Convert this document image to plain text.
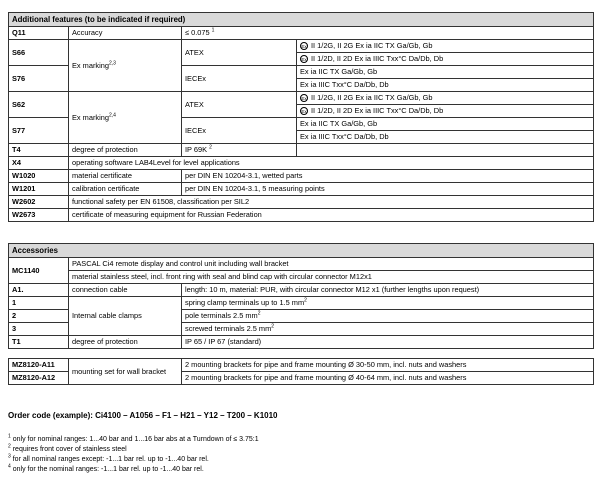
Additional features (to be indicated if required)			
Q11	Accuracy	≤ 0.075 $^1$
S66	Ex marking$^{2,3}$	ATEX	Ex II 1/2G, II 2G Ex ia IIC TX Ga/Gb, Gb
			Ex II 1/2D, II 2D Ex ia IIIC Txx°C Da/Db, Db
S76		IECEx	Ex ia IIC TX Ga/Gb, Gb
			Ex ia IIIC Txx°C Da/Db, Db
S62	Ex marking$^{2,4}$	ATEX	Ex II 1/2G, II 2G Ex ia IIC TX Ga/Gb, Gb
			Ex II 1/2D, II 2D Ex ia IIIC Txx°C Da/Db, Db
S77		IECEx	Ex ia IIC TX Ga/Gb, Gb
			Ex ia IIIC Txx°C Da/Db, Db
T4	degree of protection	IP 69K $^2$	
X4	operating software LAB4Level for level applications		
W1020	material certificate	per DIN EN 10204-3.1, wetted parts	
W1201	calibration certificate	per DIN EN 10204-3.1, 5 measuring points	
W2602	functional safety per EN 61508, classification per SIL2		
W2673	certificate of measuring equipment for Russian Federation		
Accessories		
MC1140	PASCAL Ci4 remote display and control unit including wall bracket	
	material stainless steel, incl. front ring with seal and blind cap with circular connector M12x1	
A1.	connection cable	length: 10 m, material: PUR, with circular connector M12 x1 (further lengths upon request)
1	Internal cable clamps	spring clamp terminals up to 1.5 $mm^2$
2		pole terminals 2.5 $mm^2$
3		screwed terminals 2.5 $mm^2$
T1	degree of protection	IP 65 / IP 67 (standard)
MZ8120-A11	mounting set for wall bracket	2 mounting brackets for pipe and frame mounting Ø 30-50 mm, incl. nuts and washers
MZ8120-A12		2 mounting brackets for pipe and frame mounting Ø 40-64 mm, incl. nuts and washers
Order code (example): Ci4100 – A1056 – F1 – H21 – Y12 – T200 – K1010
$^1$ only for nominal ranges: 1...40 bar and 1...16 bar abs at a Turndown of ≤ 3.75:1
$^2$ requires front cover of stainless steel
$^3$ for all nominal ranges except: -1...1 bar rel. up to -1...40 bar rel.
$^4$ only for the nominal ranges: -1...1 bar rel. up to -1...40 bar rel.
